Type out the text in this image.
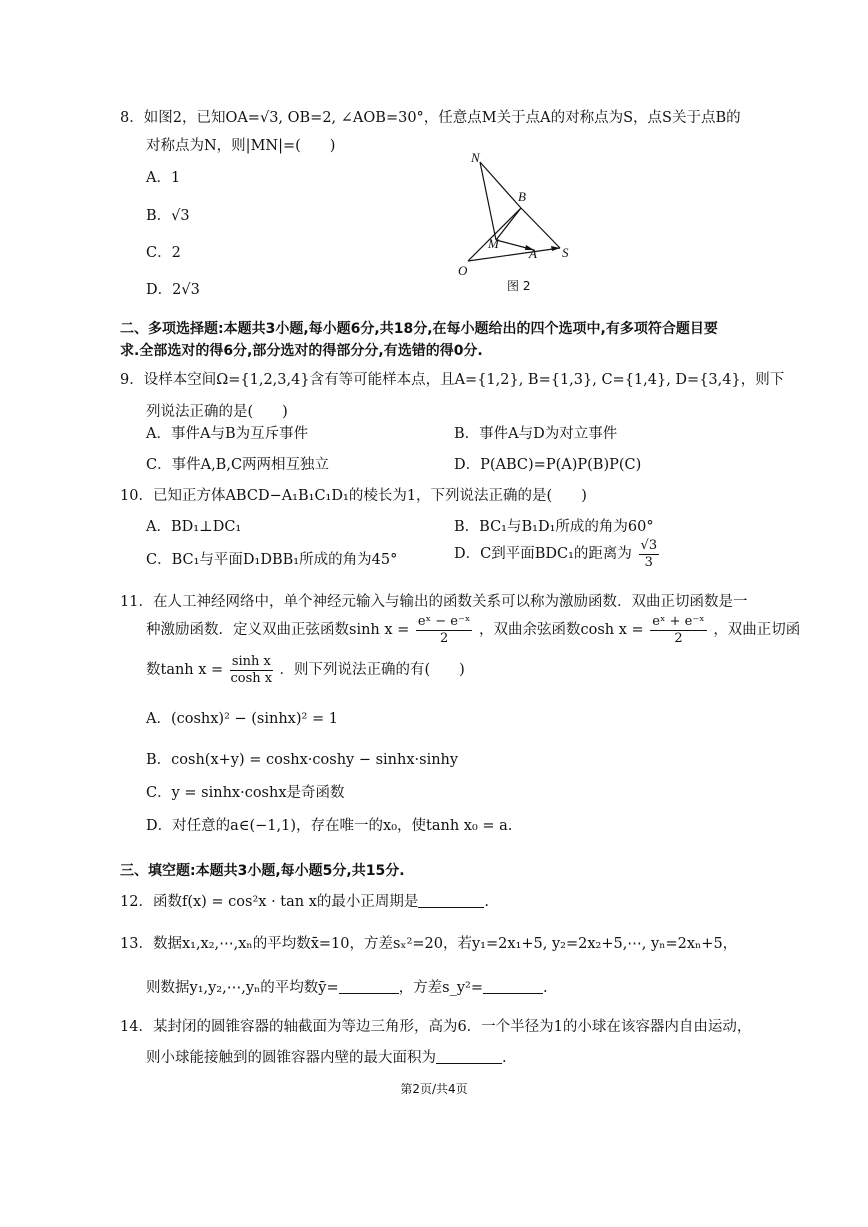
8．如图2，已知OA=√3, OB=2, ∠AOB=30°，任意点M关于点A的对称点为S，点S关于点B的
对称点为N，则|MN|=(　　)
A．1
B．√3
C．2
D．2√3
N
B
M
A
O
S
图 2
二、多项选择题:本题共3小题,每小题6分,共18分,在每小题给出的四个选项中,有多项符合题目要
求.全部选对的得6分,部分选对的得部分分,有选错的得0分.
9．设样本空间Ω={1,2,3,4}含有等可能样本点，且A={1,2}, B={1,3}, C={1,4}, D={3,4}，则下
列说法正确的是(　　)
A．事件A与B为互斥事件	B．事件A与D为对立事件
C．事件A,B,C两两相互独立	D．P(ABC)=P(A)P(B)P(C)
10．已知正方体ABCD−A₁B₁C₁D₁的棱长为1，下列说法正确的是(　　)
A．BD₁⊥DC₁	B．BC₁与B₁D₁所成的角为60°
C．BC₁与平面D₁DBB₁所成的角为45°	D．C到平面BDC₁的距离为 $\frac{√3}{3}$
11．在人工神经网络中，单个神经元输入与输出的函数关系可以称为激励函数．双曲正切函数是一
种激励函数．定义双曲正弦函数$\sinh x = \frac{\text{eˣ − e⁻ˣ}}{2}$ ，双曲余弦函数$\cosh x = \frac{\text{eˣ + e⁻ˣ}}{2}$ ，双曲正切函
数$\tanh x = \frac{\text{sinh x}}{\text{cosh x}}$ ．则下列说法正确的有(　　)
A．(coshx)² − (sinhx)² = 1
B．cosh(x+y) = coshx·coshy − sinhx·sinhy
C．y = sinhx·coshx是奇函数
D．对任意的a∈(−1,1)，存在唯一的x₀，使tanh x₀ = a.
三、填空题:本题共3小题,每小题5分,共15分.
12．函数f(x) = cos²x · tan x的最小正周期是	.
13．数据x₁,x₂,⋯,xₙ的平均数x̄=10，方差sₓ²=20，若y₁=2x₁+5, y₂=2x₂+5,⋯, yₙ=2xₙ+5，
则数据y₁,y₂,⋯,yₙ的平均数ȳ=	，方差s_y²=	.
14．某封闭的圆锥容器的轴截面为等边三角形，高为6．一个半径为1的小球在该容器内自由运动，
则小球能接触到的圆锥容器内壁的最大面积为	.
第2页/共4页
